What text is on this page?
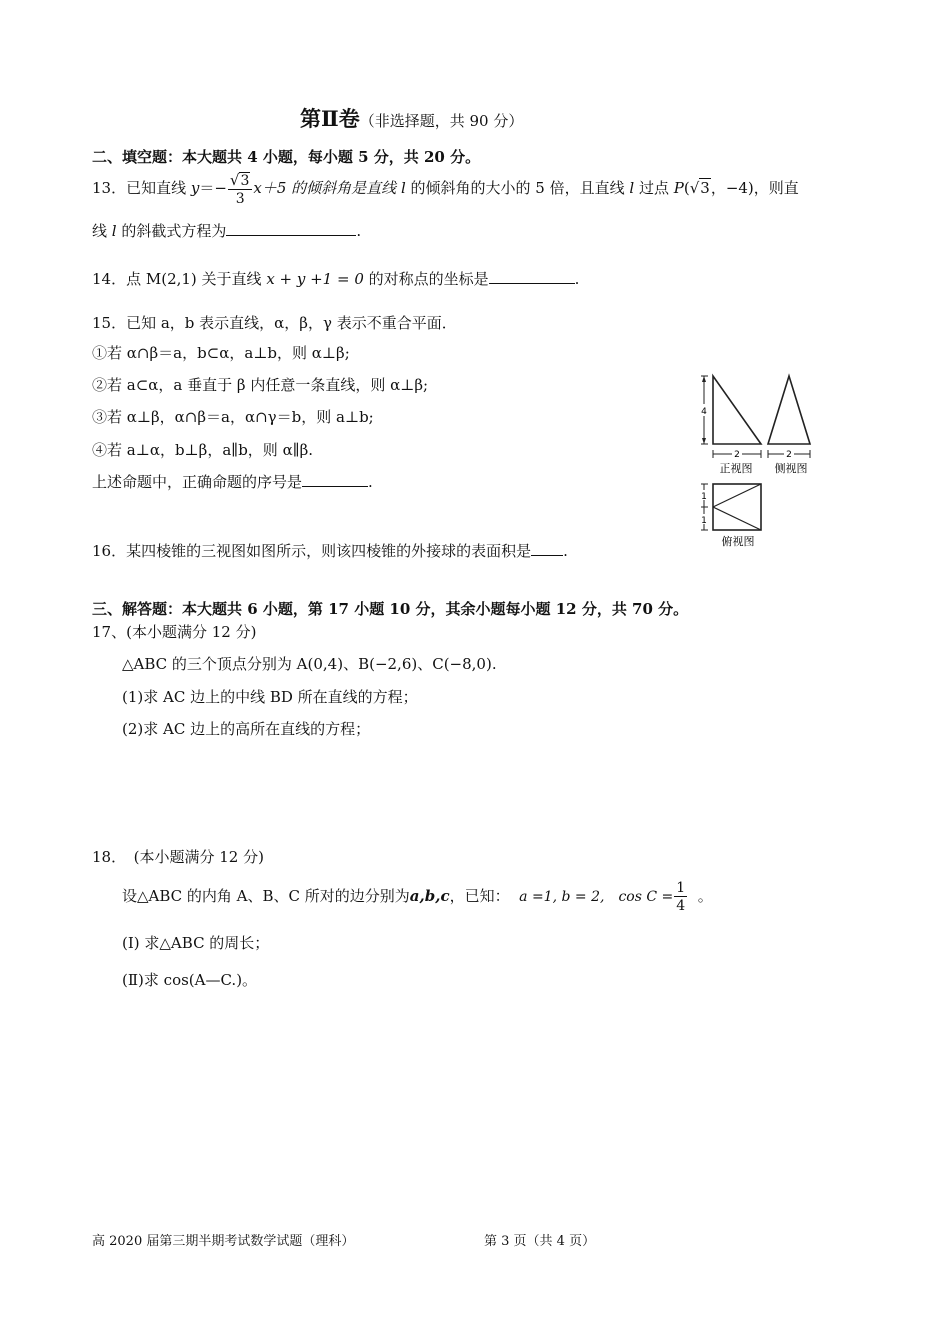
第Ⅱ卷（非选择题，共 90 分）
二、填空题：本大题共 4 小题，每小题 5 分，共 20 分。
13．已知直线 $y=- \frac{√3}{3} x+5$ 的倾斜角是直线 l 的倾斜角的大小的 5 倍，且直线 l 过点 P(√3，−4)，则直
线 l 的斜截式方程为	.
14．点 M(2,1) 关于直线 x + y +1 = 0 的对称点的坐标是	.
15．已知 a，b 表示直线，α，β，γ 表示不重合平面．
①若 α∩β＝a，b⊂α，a⊥b，则 α⊥β;
②若 a⊂α，a 垂直于 β 内任意一条直线，则 α⊥β;
③若 α⊥β，α∩β＝a，α∩γ＝b，则 a⊥b;
④若 a⊥α，b⊥β，a∥b，则 α∥β.
上述命题中，正确命题的序号是	.
4
2
正视图
2
侧视图
1
1
俯视图
16．某四棱锥的三视图如图所示，则该四棱锥的外接球的表面积是 .
三、解答题：本大题共 6 小题，第 17 小题 10 分，其余小题每小题 12 分，共 70 分。
17、(本小题满分 12 分)
△ABC 的三个顶点分别为 A(0,4)、B(−2,6)、C(−8,0).
(1)求 AC 边上的中线 BD 所在直线的方程；
(2)求 AC 边上的高所在直线的方程；
18．　(本小题满分 12 分)
设△ABC 的内角 A、B、C 所对的边分别为a,b,c，已知： a =1, b = 2,　$\cos C = \frac{1}{4}$ 。
(Ⅰ) 求△ABC 的周长；
(Ⅱ)求 cos(A—C.)。
高 2020 届第三期半期考试数学试题（理科）	第 3 页（共 4 页）
